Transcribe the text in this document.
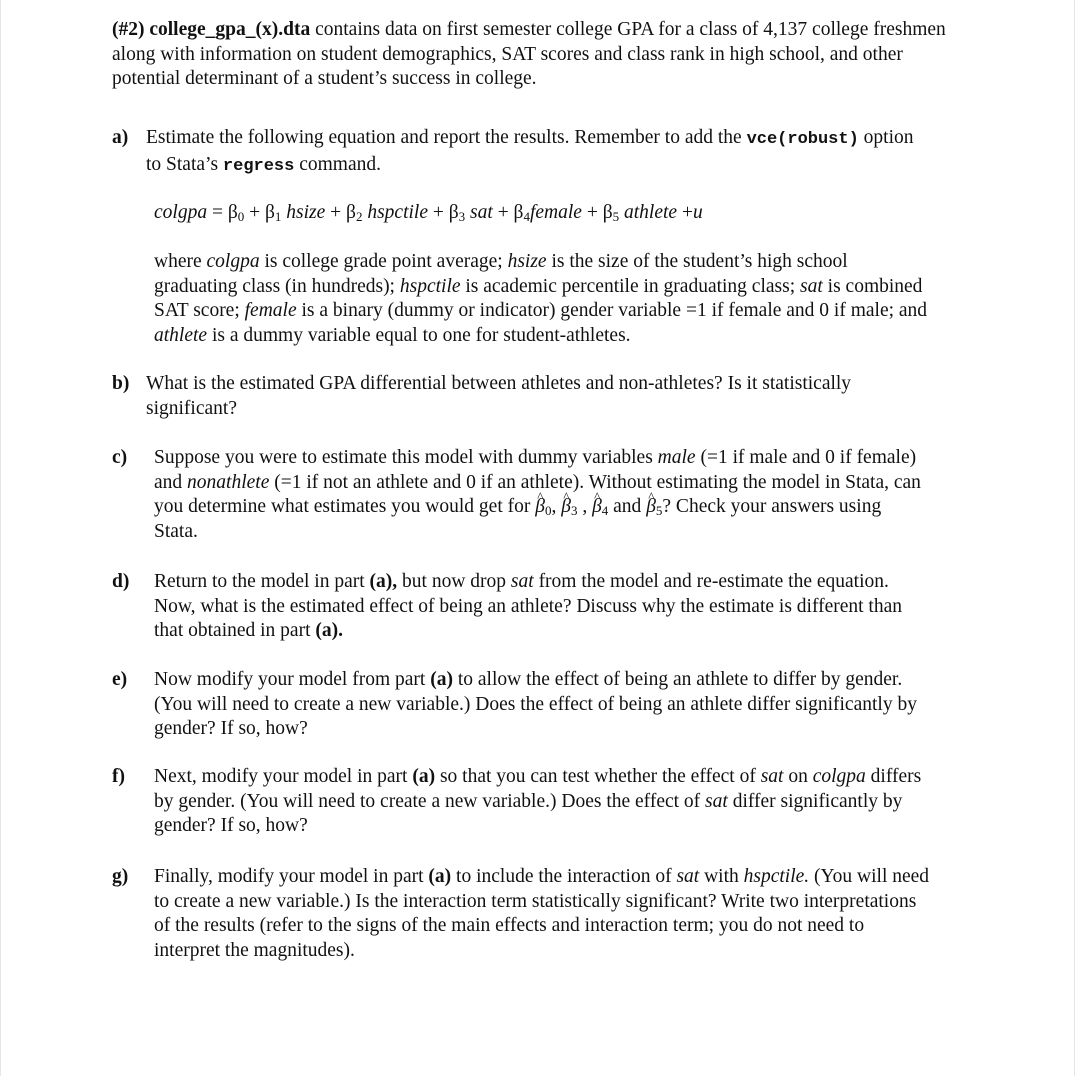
(#2) college_gpa_(x).dta contains data on first semester college GPA for a class of 4,137 college freshmen
along with information on student demographics, SAT scores and class rank in high school, and other
potential determinant of a student’s success in college.
a) Estimate the following equation and report the results. Remember to add the vce(robust) option
to Stata’s regress command.
colgpa = $\beta_0 + \beta_1$ hsize + $\beta_2$ hspctile + $\beta_3$ sat + $\beta_4female + \beta_5$ athlete +u
where colgpa is college grade point average; hsize is the size of the student’s high school
graduating class (in hundreds); hspctile is academic percentile in graduating class; sat is combined
SAT score; female is a binary (dummy or indicator) gender variable =1 if female and 0 if male; and
athlete is a dummy variable equal to one for student-athletes.
b) What is the estimated GPA differential between athletes and non-athletes? Is it statistically
significant?
c) Suppose you were to estimate this model with dummy variables male (=1 if male and 0 if female)
and nonathlete (=1 if not an athlete and 0 if an athlete). Without estimating the model in Stata, can
you determine what estimates you would get for ^ $\beta_0$, ^ $\beta_3$ , ^ $\beta_4$ and ^ $\beta_5$? Check your answers using
Stata.
d) Return to the model in part (a), but now drop sat from the model and re-estimate the equation.
Now, what is the estimated effect of being an athlete? Discuss why the estimate is different than
that obtained in part (a).
e) Now modify your model from part (a) to allow the effect of being an athlete to differ by gender.
(You will need to create a new variable.) Does the effect of being an athlete differ significantly by
gender? If so, how?
f) Next, modify your model in part (a) so that you can test whether the effect of sat on colgpa differs
by gender. (You will need to create a new variable.) Does the effect of sat differ significantly by
gender? If so, how?
g) Finally, modify your model in part (a) to include the interaction of sat with hspctile. (You will need
to create a new variable.) Is the interaction term statistically significant? Write two interpretations
of the results (refer to the signs of the main effects and interaction term; you do not need to
interpret the magnitudes).
